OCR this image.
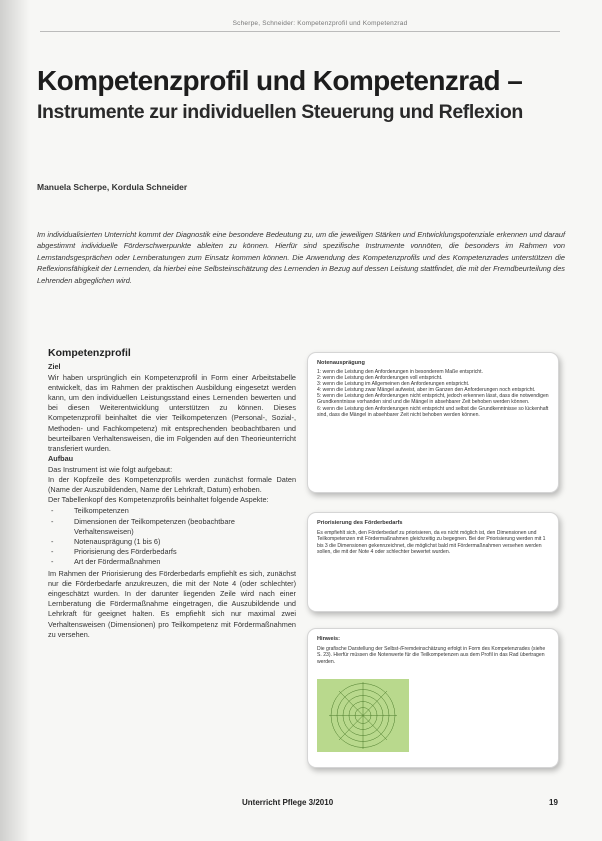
Scherpe, Schneider: Kompetenzprofil und Kompetenzrad
Kompetenzprofil und Kompetenzrad –
Instrumente zur individuellen Steuerung und Reflexion
Manuela Scherpe, Kordula Schneider

Im individualisierten Unterricht kommt der Diagnostik eine besondere Bedeutung zu, um die jeweiligen Stärken und Entwicklungspotenziale erkennen und darauf abgestimmt individuelle Förderschwerpunkte ableiten zu können. Hierfür sind spezifische Instrumente vonnöten, die besonders im Rahmen von Lernstandsgesprächen oder Lernberatungen zum Einsatz kommen können. Die Anwendung des Kompetenzprofils und des Kompetenzrades unterstützen die Reflexionsfähigkeit der Lernenden, da hierbei eine Selbsteinschätzung des Lernenden in Bezug auf dessen Leistung stattfindet, die mit der Fremdbeurteilung des Lehrenden abgeglichen wird.

Kompetenzprofil

Ziel

Wir haben ursprünglich ein Kompetenzprofil in Form einer Arbeitstabelle entwickelt, das im Rahmen der praktischen Ausbildung eingesetzt werden kann, um den individuellen Leistungsstand eines Lernenden bewerten und bei diesen Weiterentwicklung unterstützen zu können. Dieses Kompetenzprofil beinhaltet die vier Teilkompetenzen (Personal-, Sozial-, Methoden- und Fachkompetenz) mit entsprechenden beobachtbaren und beurteilbaren Verhaltensweisen, die im Folgenden auf den Theorieunterricht transferiert wurden.

Aufbau

Das Instrument ist wie folgt aufgebaut:

In der Kopfzeile des Kompetenzprofils werden zunächst formale Daten (Name der Auszubildenden, Name der Lehrkraft, Datum) erhoben.

Der Tabellenkopf des Kompetenzprofils beinhaltet folgende Aspekte:

- Teilkompetenzen
- Dimensionen der Teilkompetenzen (beobachtbare Verhaltensweisen)
- Notenausprägung (1 bis 6)
- Priorisierung des Förderbedarfs
- Art der Fördermaßnahmen

Im Rahmen der Priorisierung des Förderbedarfs empfiehlt es sich, zunächst nur die Förderbedarfe anzukreuzen, die mit der Note 4 (oder schlechter) eingeschätzt wurden. In der darunter liegenden Zeile wird nach einer Lernberatung die Fördermaßnahme eingetragen, die Auszubildende und Lehrkraft für geeignet halten. Es empfiehlt sich nur maximal zwei Verhaltensweisen (Dimensionen) pro Teilkompetenz mit Fördermaßnahmen zu versehen.

Notenausprägung
1: wenn die Leistung den Anforderungen in besonderem Maße entspricht.
2: wenn die Leistung den Anforderungen voll entspricht.
3: wenn die Leistung im Allgemeinen den Anforderungen entspricht.
4: wenn die Leistung zwar Mängel aufweist, aber im Ganzen den Anforderungen noch entspricht.
5: wenn die Leistung den Anforderungen nicht entspricht, jedoch erkennen lässt, dass die notwendigen Grundkenntnisse vorhanden sind und die Mängel in absehbarer Zeit behoben werden können.
6: wenn die Leistung den Anforderungen nicht entspricht und selbst die Grundkenntnisse so lückenhaft sind, dass die Mängel in absehbarer Zeit nicht behoben werden können.
Priorisierung des Förderbedarfs

Es empfiehlt sich, den Förderbedarf zu priorisieren, da es nicht möglich ist, den Dimensionen und Teilkompetenzen mit Fördermaßnahmen gleichzeitig zu begegnen. Bei der Priorisierung werden mit 1 bis 3 die Dimensionen gekennzeichnet, die möglichst bald mit Fördermaßnahmen versehen werden sollen, die mit der Note 4 oder schlechter bewertet wurden.

Hinweis:

Die grafische Darstellung der Selbst-/Fremdeinschätzung erfolgt in Form des Kompetenzrades (siehe S. 23). Hierfür müssen die Notenwerte für die Teilkompetenzen aus dem Profil in das Rad übertragen werden.

Unterricht Pflege 3/2010	19
